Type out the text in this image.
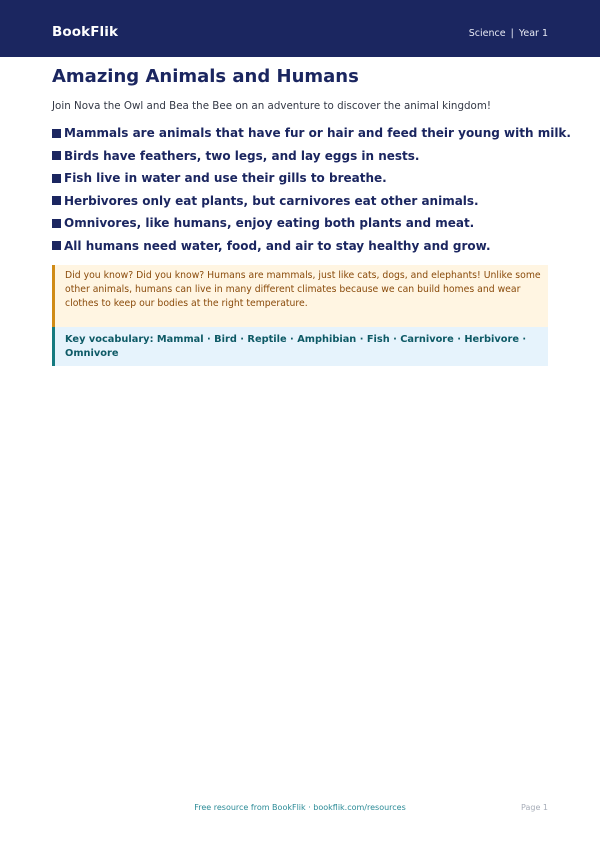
BookFlik	Science | Year 1
Amazing Animals and Humans
Join Nova the Owl and Bea the Bee on an adventure to discover the animal kingdom!
Mammals are animals that have fur or hair and feed their young with milk.
Birds have feathers, two legs, and lay eggs in nests.
Fish live in water and use their gills to breathe.
Herbivores only eat plants, but carnivores eat other animals.
Omnivores, like humans, enjoy eating both plants and meat.
All humans need water, food, and air to stay healthy and grow.
Did you know? Did you know? Humans are mammals, just like cats, dogs, and elephants! Unlike some other animals, humans can live in many different climates because we can build homes and wear clothes to keep our bodies at the right temperature.
Key vocabulary: Mammal · Bird · Reptile · Amphibian · Fish · Carnivore · Herbivore · Omnivore
Free resource from BookFlik · bookflik.com/resources	Page 1
